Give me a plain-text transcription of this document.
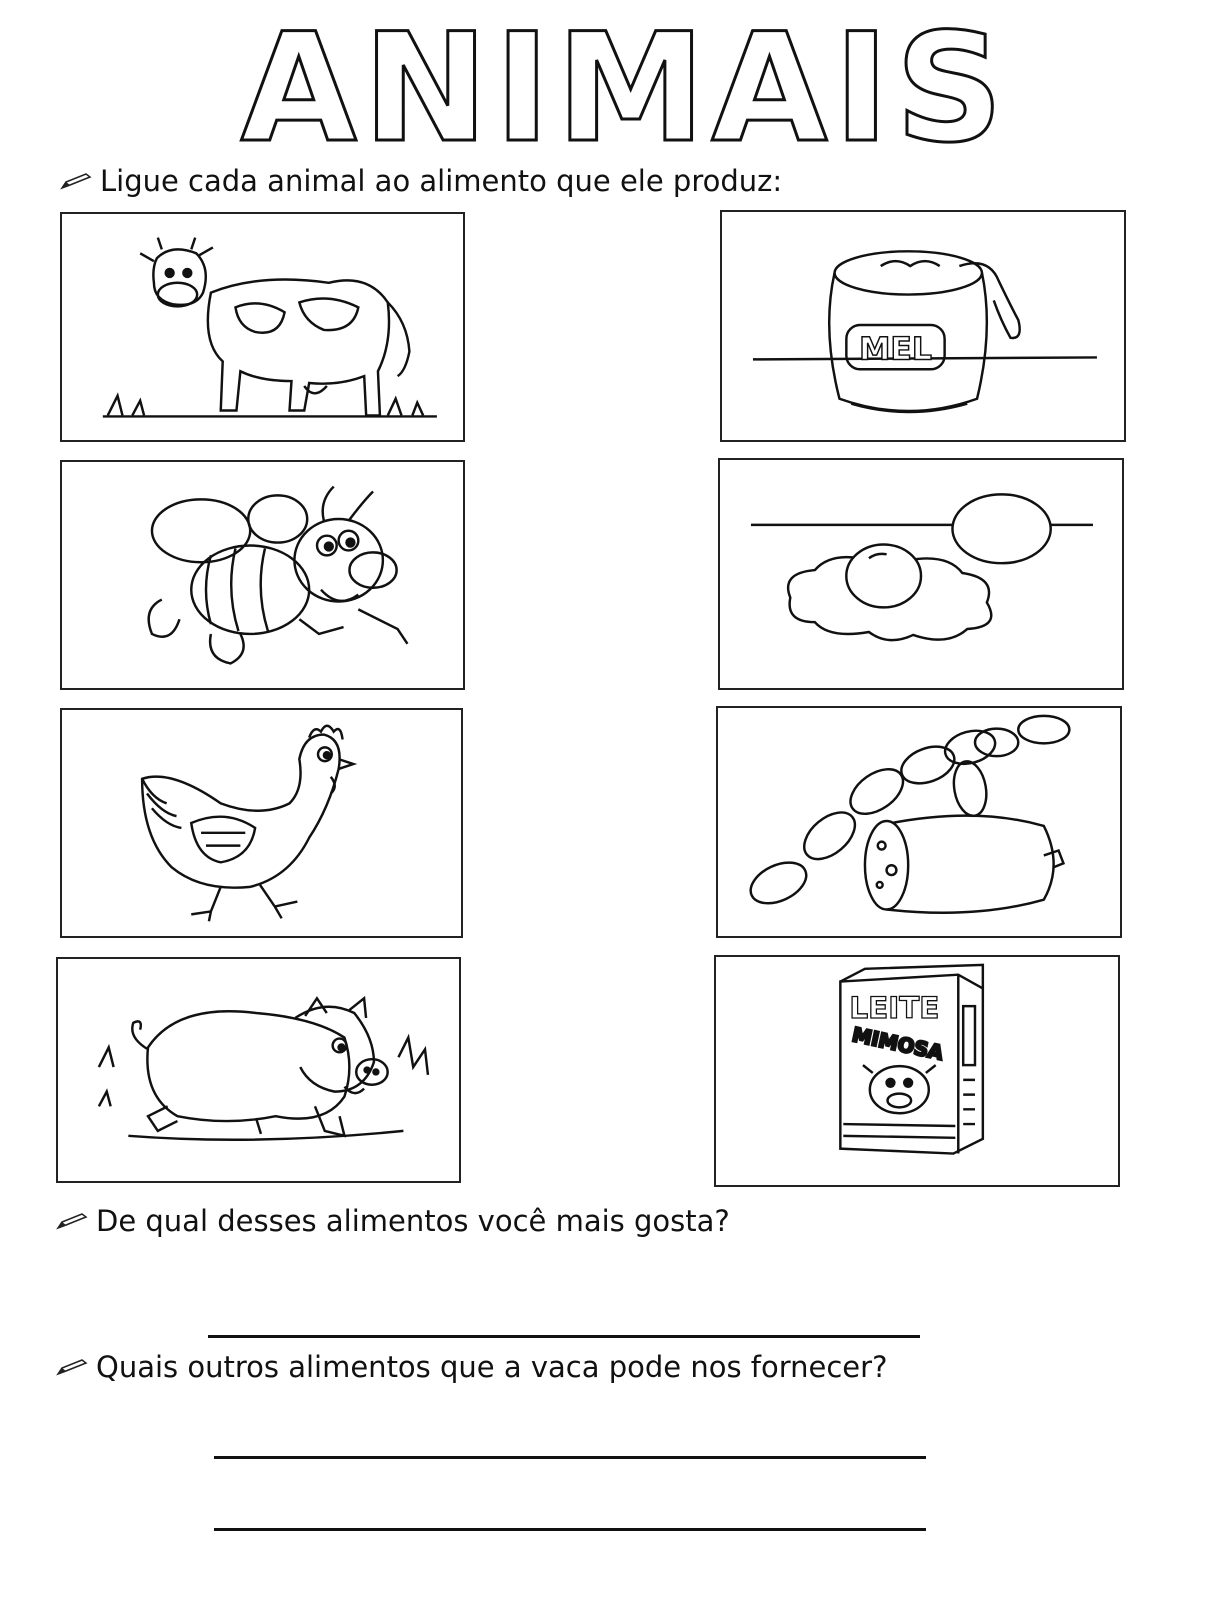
ANIMAIS
Ligue cada animal ao alimento que ele produz:
MEL
LEITE
MIMOSA
De qual desses alimentos você mais gosta?
Quais outros alimentos que a vaca pode nos fornecer?
